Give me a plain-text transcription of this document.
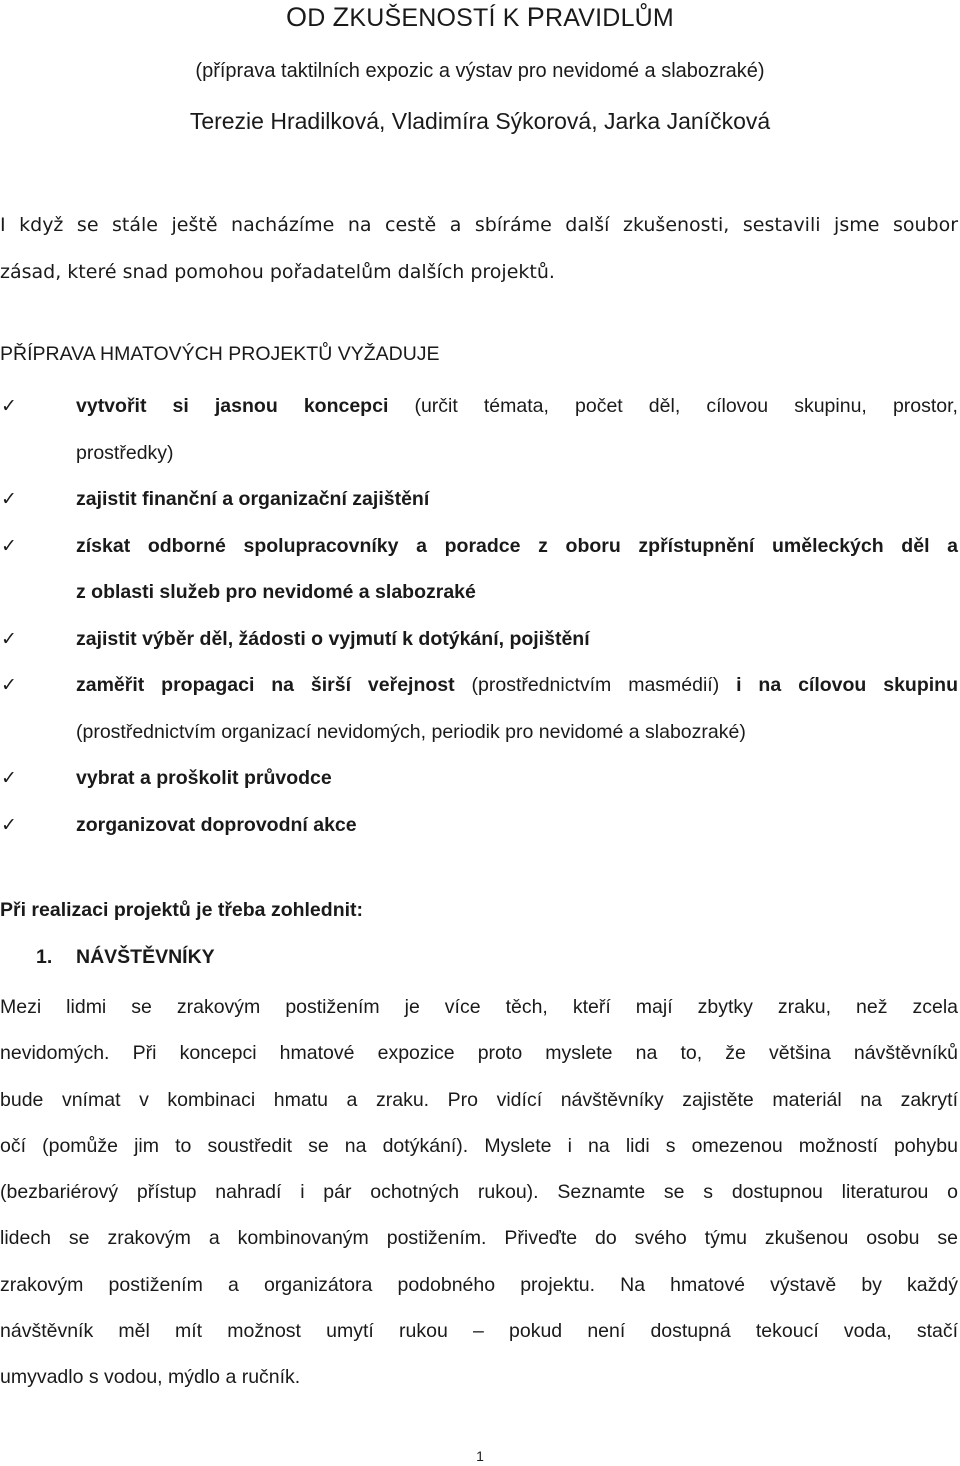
OD ZKUŠENOSTÍ K PRAVIDLŮM
(příprava taktilních expozic a výstav pro nevidomé a slabozraké)
Terezie Hradilková, Vladimíra Sýkorová, Jarka Janíčková
I když se stále ještě nacházíme na cestě a sbíráme další zkušenosti, sestavili jsme soubor
zásad, které snad pomohou pořadatelům dalších projektů.
PŘÍPRAVA HMATOVÝCH PROJEKTŮ VYŽADUJE
✓	vytvořit si jasnou koncepci (určit témata, počet děl, cílovou skupinu, prostor,
prostředky)
✓	zajistit finanční a organizační zajištění
✓	získat odborné spolupracovníky a poradce z oboru zpřístupnění uměleckých děl a
z oblasti služeb pro nevidomé a slabozraké
✓	zajistit výběr děl, žádosti o vyjmutí k dotýkání, pojištění
✓	zaměřit propagaci na širší veřejnost (prostřednictvím masmédií) i na cílovou skupinu
(prostřednictvím organizací nevidomých, periodik pro nevidomé a slabozraké)
✓	vybrat a proškolit průvodce
✓	zorganizovat doprovodní akce
Při realizaci projektů je třeba zohlednit:
1. NÁVŠTĚVNÍKY
Mezi lidmi se zrakovým postižením je více těch, kteří mají zbytky zraku, než zcela
nevidomých. Při koncepci hmatové expozice proto myslete na to, že většina návštěvníků
bude vnímat v kombinaci hmatu a zraku. Pro vidící návštěvníky zajistěte materiál na zakrytí
očí (pomůže jim to soustředit se na dotýkání). Myslete i na lidi s omezenou možností pohybu
(bezbariérový přístup nahradí i pár ochotných rukou). Seznamte se s dostupnou literaturou o
lidech se zrakovým a kombinovaným postižením. Přiveďte do svého týmu zkušenou osobu se
zrakovým postižením a organizátora podobného projektu. Na hmatové výstavě by každý
návštěvník měl mít možnost umytí rukou – pokud není dostupná tekoucí voda, stačí
umyvadlo s vodou, mýdlo a ručník.
1
